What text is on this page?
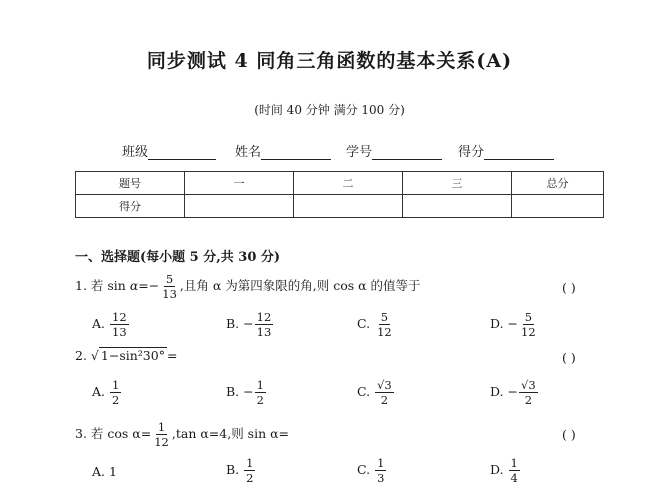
同步测试 4 同角三角函数的基本关系(A)
(时间 40 分钟 满分 100 分)
班级	姓名	学号	得分
题号	一	二	三	总分
得分				
一、选择题(每小题 5 分,共 30 分)
1. 若 $\sin \alpha=- \frac{5}{13}$ ,且角 α 为第四象限的角,则 cos α 的值等于	( )
A. $\frac{12}{13}$	B. − $\frac{12}{13}$	C. $\frac{5}{12}$	D. − $\frac{5}{12}$
2. √ 1−sin²30° =	( )
A. $\frac{1}{2}$	B. − $\frac{1}{2}$	C. $\frac{√3}{2}$	D. − $\frac{√3}{2}$
3. 若 $\cos \alpha= \frac{1}{12} ,\tan$ α=4,则 sin α=	( )
A. 1	B. $\frac{1}{2}$	C. $\frac{1}{3}$	D. $\frac{1}{4}$
